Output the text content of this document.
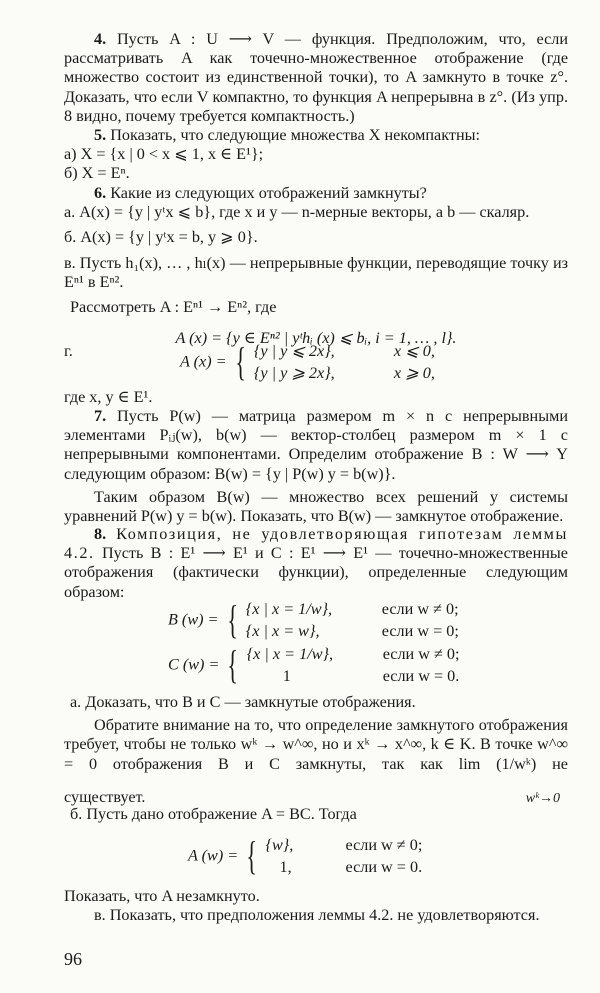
4. Пусть A : U ⟶ V — функция. Предположим, что, если рассматривать A как точечно-множественное отображение (где множество состоит из единственной точки), то A замкнуто в точке z°. Доказать, что если V компактно, то функция A непрерывна в z°. (Из упр. 8 видно, почему требуется компактность.)

5. Показать, что следующие множества X некомпактны:

а) X = {x | 0 < x ⩽ 1, x ∈ E¹};

б) X = Eⁿ.

6. Какие из следующих отображений замкнуты?

а. A(x) = {y | yᵗx ⩽ b}, где x и y — n-мерные векторы, а b — скаляр.

б. A(x) = {y | yᵗx = b, y ⩾ 0}.

в. Пусть h₁(x), … , hₗ(x) — непрерывные функции, переводящие точку из Eⁿ¹ в Eⁿ².

Рассмотреть A : Eⁿ¹ → Eⁿ², где

A (x) = {y ∈ Eⁿ² | yᵗhᵢ (x) ⩽ bᵢ, i = 1, … , l}.

г.
A (x) = { {y | y ⩽ 2x},	x ⩽ 0,
{y | y ⩾ 2x},	x ⩾ 0,

где x, y ∈ E¹.

7. Пусть P(w) — матрица размером m × n с непрерывными элементами Pᵢⱼ(w), b(w) — вектор-столбец размером m × 1 с непрерывными компонентами. Определим отображение B : W ⟶ Y следующим образом: B(w) = {y | P(w) y = b(w)}.

Таким образом B(w) — множество всех решений y системы уравнений P(w) y = b(w). Показать, что B(w) — замкнутое отображение.

8. Композиция, не удовлетворяющая гипотезам леммы 4.2. Пусть B : E¹ ⟶ E¹ и C : E¹ ⟶ E¹ — точечно-множественные отображения (фактически функции), определенные следующим образом:

B (w) = { {x | x = 1/w},	если w ≠ 0;
{x | x = w},	если w = 0;
C (w) = { {x | x = 1/w},	если w ≠ 0;
1	если w = 0.

а. Доказать, что B и C — замкнутые отображения.

Обратите внимание на то, что определение замкнутого отображения требует, чтобы не только wᵏ → w^∞, но и xᵏ → x^∞, k ∈ K. В точке w^∞ = 0 отображения B и C замкнуты, так как lim (1/wᵏ) не

wᵏ→0

существует.

б. Пусть дано отображение A = BC. Тогда

A (w) = { {w},	если w ≠ 0;
1,	если w = 0.

Показать, что A незамкнуто.

в. Показать, что предположения леммы 4.2. не удовлетворяются.

96
